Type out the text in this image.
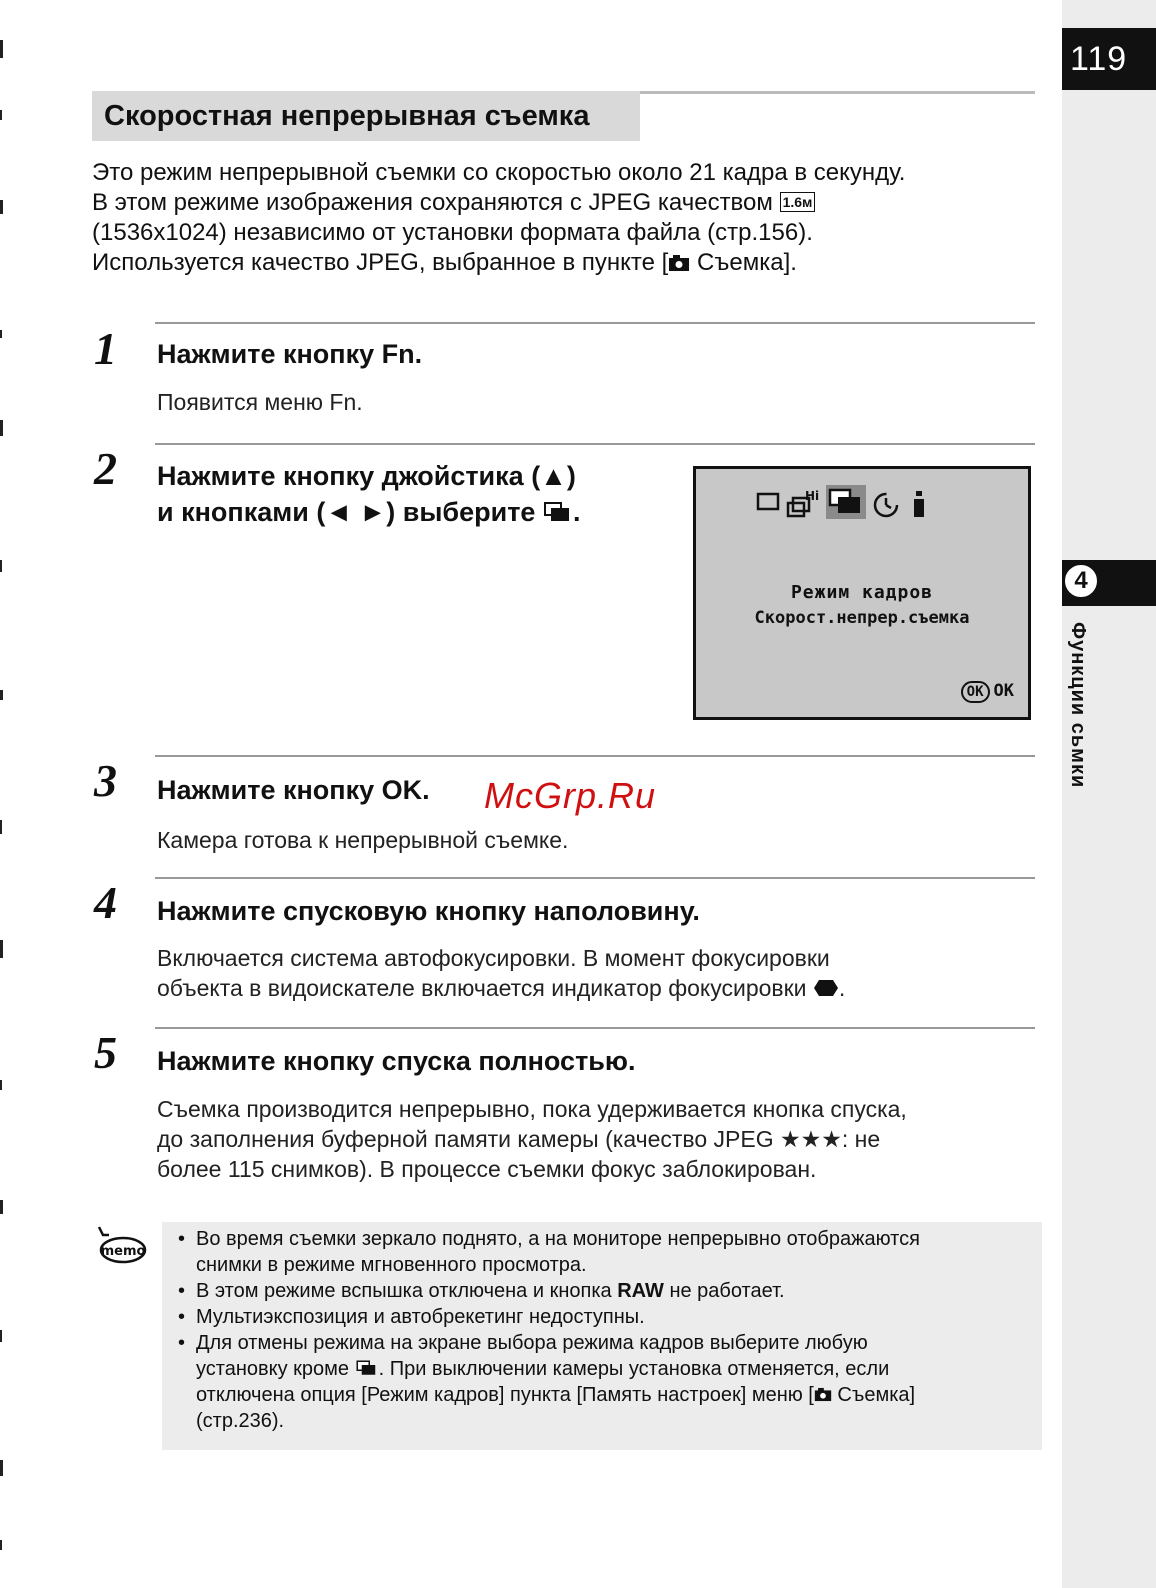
119
4
Функции сьмки
Скоростная непрерывная съемка

Это режим непрерывной съемки со скоростью около 21 кадра в секунду.

В этом режиме изображения сохраняются с JPEG качеством 1.6м

(1536x1024) независимо от установки формата файла (стр.156).

Используется качество JPEG, выбранное в пункте [ Съемка].

1 Нажмите кнопку Fn.

Появится меню Fn.

2 Нажмите кнопку джойстика (▲)
и кнопками (◄ ►) выберите .
Hi
Режим кадров
Скорост.непрер.съемка
OK OK
3 Нажмите кнопку OK.

Камера готова к непрерывной съемке.

McGrp.Ru
4 Нажмите спусковую кнопку наполовину.

Включается система автофокусировки. В момент фокусировки

объекта в видоискателе включается индикатор фокусировки .

5 Нажмите кнопку спуска полностью.

Съемка производится непрерывно, пока удерживается кнопка спуска,

до заполнения буферной памяти камеры (качество JPEG ★★★: не

более 115 снимков). В процессе съемки фокус заблокирован.

memo
• Во время съемки зеркало поднято, а на мониторе непрерывно отображаются
снимки в режиме мгновенного просмотра.
• В этом режиме вспышка отключена и кнопка RAW не работает.
• Мультиэкспозиция и автобрекетинг недоступны.
• Для отмены режима на экране выбора режима кадров выберите любую
установку кроме . При выключении камеры установка отменяется, если
отключена опция [Режим кадров] пункта [Память настроек] меню [ Съемка]
(стр.236).
